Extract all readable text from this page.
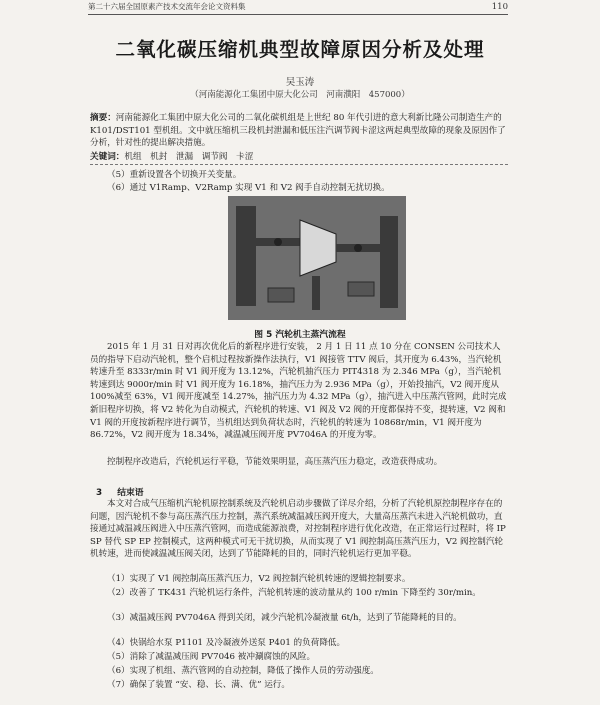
第二十六届全国原素产技术交流年会论文资料集	110
二氧化碳压缩机典型故障原因分析及处理
吴玉涛
（河南能源化工集团中原大化公司　河南濮阳　457000）
摘要：河南能源化工集团中原大化公司的二氧化碳机组是上世纪 80 年代引进的意大利新比隆公司制造生产的 K101/DST101 型机组。文中就压缩机三段机封泄漏和低压注汽调节阀卡涩这两起典型故障的现象及原因作了分析，针对性的提出解决措施。
关键词：机组　机封　泄漏　调节阀　卡涩

（5）重新设置各个切换开关变量。

（6）通过 V1Ramp、V2Ramp 实现 V1 和 V2 阀手自动控制无扰切换。

图 5 汽轮机主蒸汽流程

2015 年 1 月 31 日对再次优化后的新程序进行安装， 2 月 1 日 11 点 10 分在 CONSEN 公司技术人员的指导下启动汽轮机，整个启机过程按新操作法执行，V1 阀接管 TTV 阀后，其开度为 6.43%，当汽轮机转速升至 8333r/min 时 V1 阀开度为 13.12%，汽轮机抽汽压力 PIT4318 为 2.346 MPa（g），当汽轮机转速到达 9000r/min 时 V1 阀开度为 16.18%，抽汽压力为 2.936 MPa（g），开始投抽汽，V2 阀开度从 100%减至 63%，V1 阀开度减至 14.27%，抽汽压力为 4.32 MPa（g），抽汽进入中压蒸汽管网，此时完成新旧程序切换，将 V2 转化为自动模式，汽轮机的转速、V1 阀及 V2 阀的开度都保持不变，提转速，V2 阀和 V1 阀的开度按新程序进行调节，当机组达到负荷状态时，汽轮机的转速为 10868r/min，V1 阀开度为 86.72%，V2 阀开度为 18.34%，减温减压阀开度 PV7046A 的开度为零。

控制程序改造后，汽轮机运行平稳，节能效果明显，高压蒸汽压力稳定，改造获得成功。

3 结束语

本文对合成气压缩机汽轮机原控制系统及汽轮机启动步骤做了详尽介绍，分析了汽轮机原控制程序存在的问题，因汽轮机不参与高压蒸汽压力控制，蒸汽系统减温减压阀开度大，大量高压蒸汽未进入汽轮机做功，直接通过减温减压阀进入中压蒸汽管网，而造成能源浪费，对控制程序进行优化改造，在正常运行过程时，将 IP SP 替代 SP EP 控制模式，这两种模式可无干扰切换，从而实现了 V1 阀控制高压蒸汽压力，V2 阀控制汽轮机转速，进而使减温减压阀关闭，达到了节能降耗的目的，同时汽轮机运行更加平稳。

（1）实现了 V1 阀控制高压蒸汽压力，V2 阀控制汽轮机转速的逻辑控制要求。

（2）改善了 TK431 汽轮机运行条件，汽轮机转速的波动量从约 100 r/min 下降至约 30r/min。

（3）减温减压阀 PV7046A 得到关闭，减少汽轮机冷凝液量 6t/h，达到了节能降耗的目的。

（4）快锅给水泵 P1101 及冷凝液外送泵 P401 的负荷降低。

（5）消除了减温减压阀 PV7046 被冲涮腐蚀的风险。

（6）实现了机组、蒸汽管网的自动控制，降低了操作人员的劳动强度。

（7）确保了装置 “安、稳、长、满、优” 运行。
